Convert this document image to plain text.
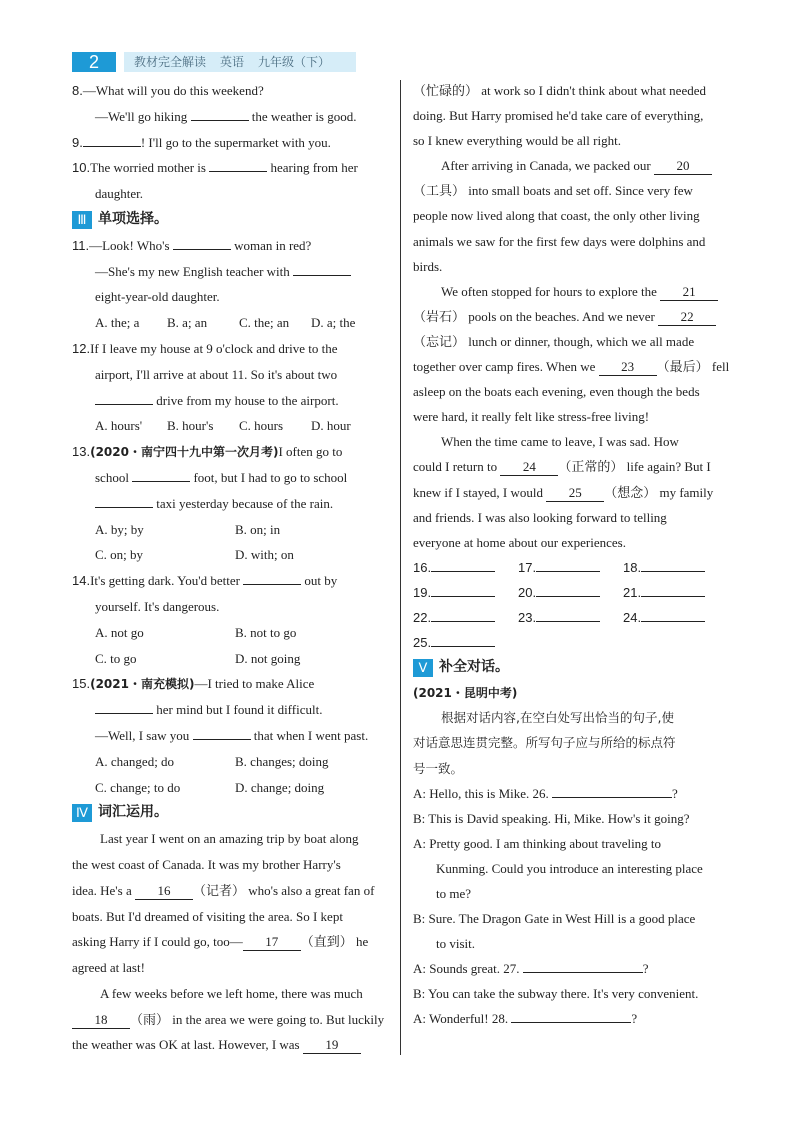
2	教材完全解读 英语 九年级（下）
8.—What will you do this weekend?
—We'll go hiking	the weather is good.
9.	! I'll go to the supermarket with you.
10.The worried mother is	hearing from her
daughter.
Ⅲ 单项选择。
11.—Look! Who's	woman in red?
—She's my new English teacher with
eight-year-old daughter.
A. the; a	B. a; an	C. the; an	D. a; the
12.If I leave my house at 9 o'clock and drive to the
airport, I'll arrive at about 11. So it's about two
drive from my house to the airport.
A. hours'	B. hour's	C. hours	D. hour
13.(2020・南宁四十九中第一次月考)I often go to
school	foot, but I had to go to school
taxi yesterday because of the rain.
A. by; by	B. on; in
C. on; by	D. with; on
14.It's getting dark. You'd better	out by
yourself. It's dangerous.
A. not go	B. not to go
C. to go	D. not going
15.(2021・南充模拟)—I tried to make Alice
her mind but I found it difficult.
—Well, I saw you	that when I went past.
A. changed; do	B. changes; doing
C. change; to do	D. change; doing
Ⅳ 词汇运用。
Last year I went on an amazing trip by boat along
the west coast of Canada. It was my brother Harry's
idea. He's a 16 （记者） who's also a great fan of
boats. But I'd dreamed of visiting the area. So I kept
asking Harry if I could go, too— 17 （直到） he
agreed at last!
A few weeks before we left home, there was much
18 （雨） in the area we were going to. But luckily
the weather was OK at last. However, I was 19
（忙碌的） at work so I didn't think about what needed
doing. But Harry promised he'd take care of everything,
so I knew everything would be all right.
After arriving in Canada, we packed our 20
（工具） into small boats and set off. Since very few
people now lived along that coast, the only other living
animals we saw for the first few days were dolphins and
birds.
We often stopped for hours to explore the 21
（岩石） pools on the beaches. And we never 22
（忘记） lunch or dinner, though, which we all made
together over camp fires. When we 23 （最后） fell
asleep on the boats each evening, even though the beds
were hard, it really felt like stress-free living!
When the time came to leave, I was sad. How
could I return to 24 （正常的） life again? But I
knew if I stayed, I would 25 （想念） my family
and friends. I was also looking forward to telling
everyone at home about our experiences.
16.	17.	18.
19.	20.	21.
22.	23.	24.
25.
Ⅴ 补全对话。
(2021・昆明中考)
根据对话内容,在空白处写出恰当的句子,使
对话意思连贯完整。所写句子应与所给的标点符
号一致。
A: Hello, this is Mike. 26.	?
B: This is David speaking. Hi, Mike. How's it going?
A: Pretty good. I am thinking about traveling to
Kunming. Could you introduce an interesting place
to me?
B: Sure. The Dragon Gate in West Hill is a good place
to visit.
A: Sounds great. 27.	?
B: You can take the subway there. It's very convenient.
A: Wonderful! 28.	?
